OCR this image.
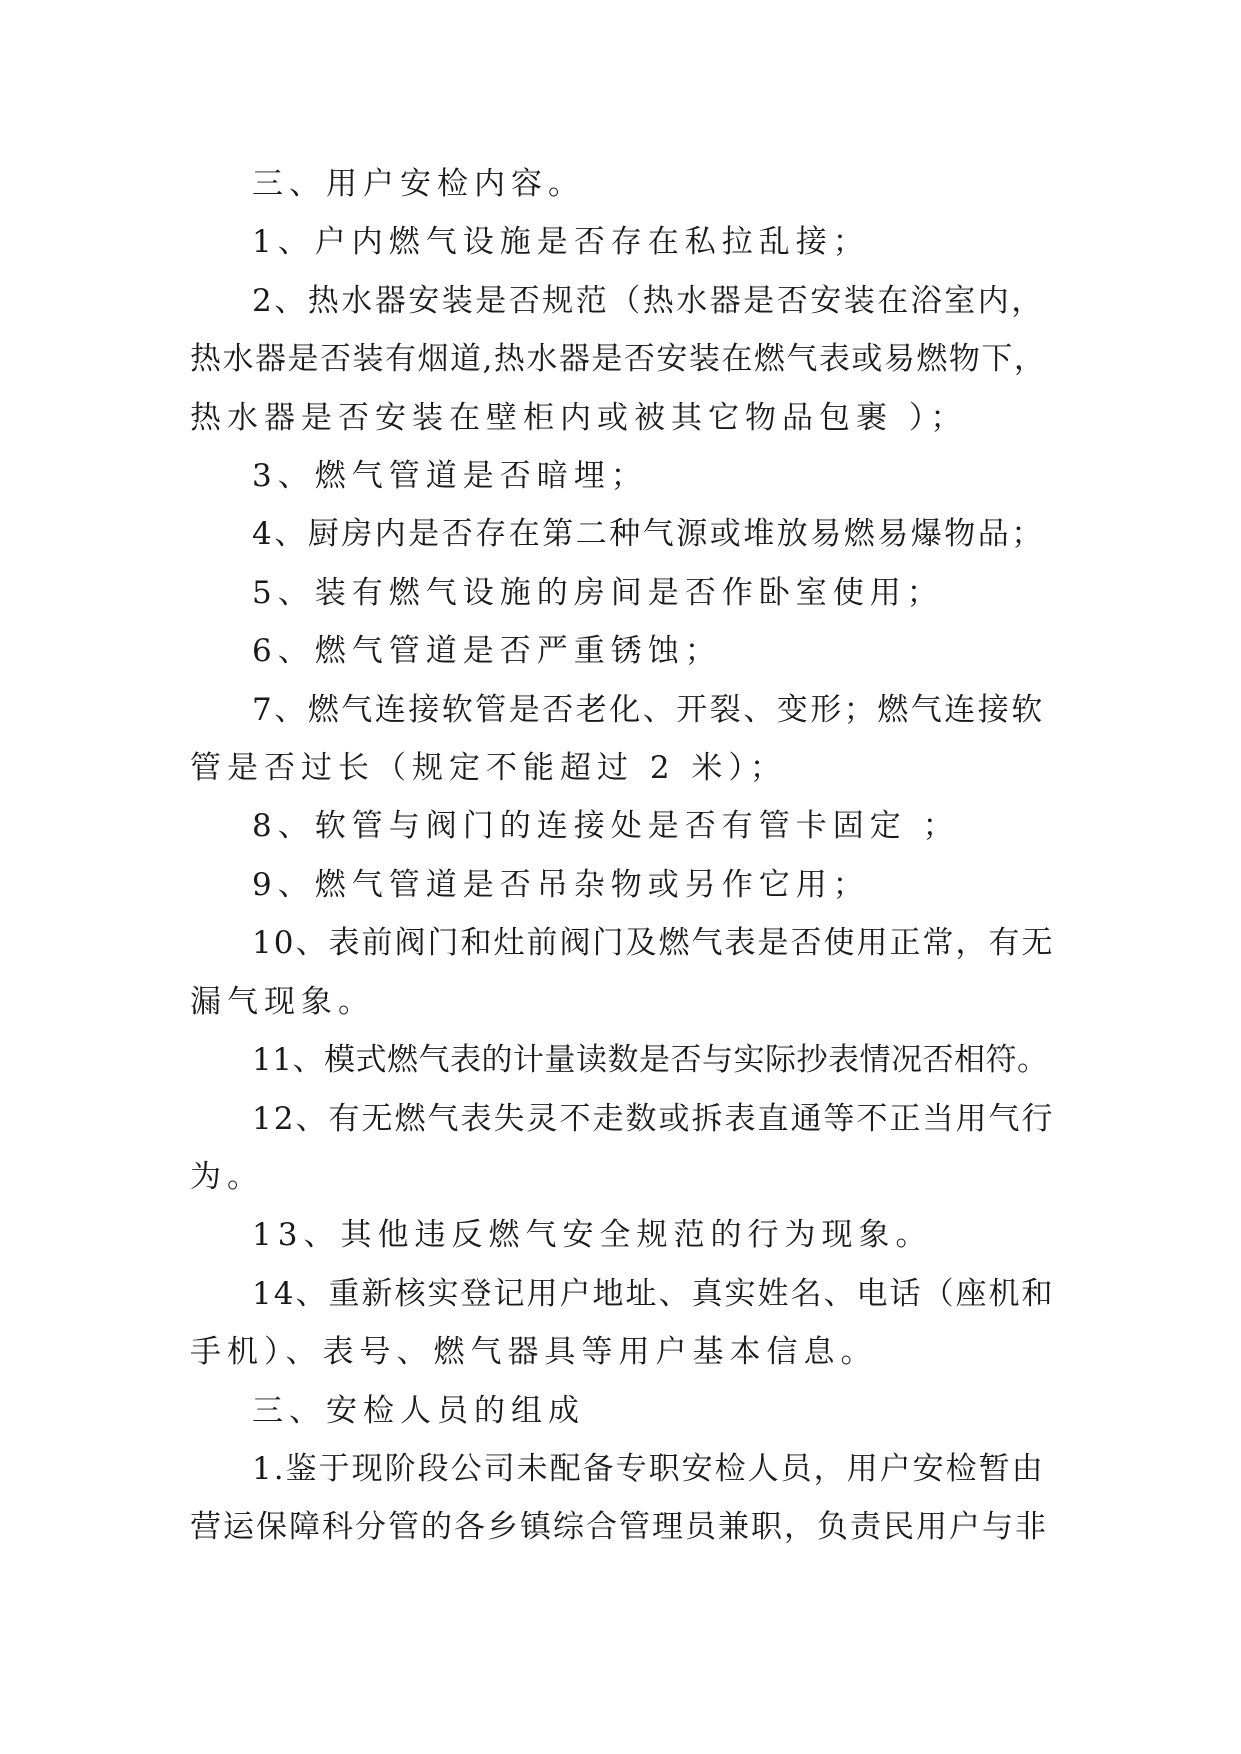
三、用户安检内容。
1、户内燃气设施是否存在私拉乱接；
2、热水器安装是否规范（热水器是否安装在浴室内，
热水器是否装有烟道,热水器是否安装在燃气表或易燃物下，
热水器是否安装在壁柜内或被其它物品包裹 ）；
3、燃气管道是否暗埋；
4、厨房内是否存在第二种气源或堆放易燃易爆物品；
5、装有燃气设施的房间是否作卧室使用；
6、燃气管道是否严重锈蚀；
7、燃气连接软管是否老化、开裂、变形；燃气连接软
管是否过长（规定不能超过 2 米）；
8、软管与阀门的连接处是否有管卡固定 ；
9、燃气管道是否吊杂物或另作它用；
10、表前阀门和灶前阀门及燃气表是否使用正常，有无
漏气现象。
11、模式燃气表的计量读数是否与实际抄表情况否相符。
12、有无燃气表失灵不走数或拆表直通等不正当用气行
为。
13、其他违反燃气安全规范的行为现象。
14、重新核实登记用户地址、真实姓名、电话（座机和
手机）、表号、燃气器具等用户基本信息。
三、安检人员的组成
1.鉴于现阶段公司未配备专职安检人员，用户安检暂由
营运保障科分管的各乡镇综合管理员兼职，负责民用户与非
